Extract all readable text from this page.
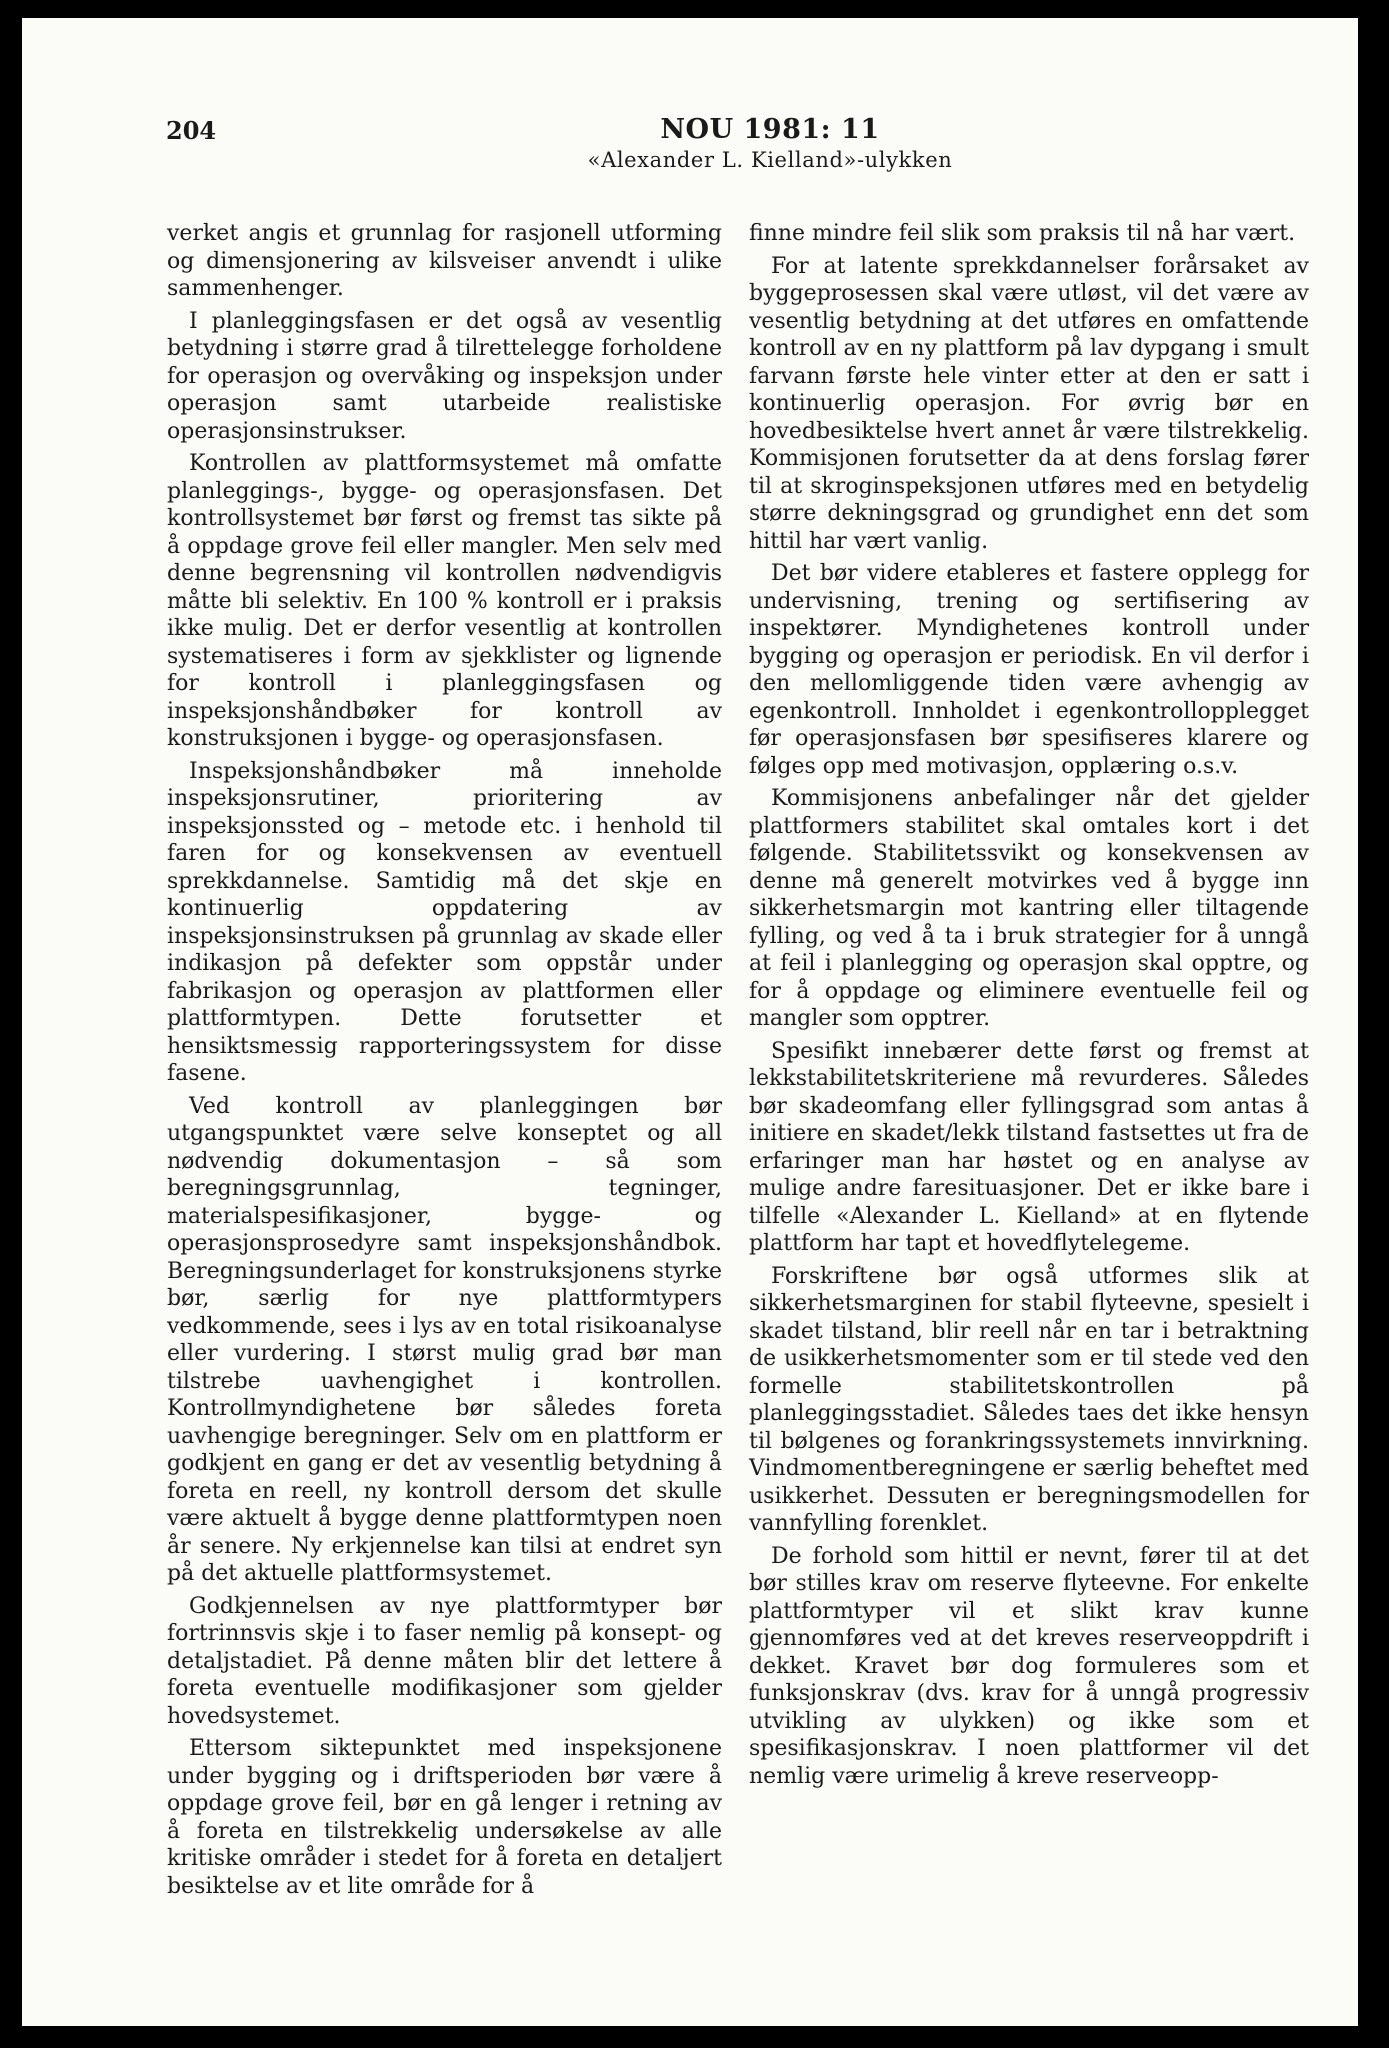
204	NOU 1981: 11
«Alexander L. Kielland»-ulykken

verket angis et grunnlag for rasjonell utforming og dimensjonering av kilsveiser anvendt i ulike sammenhenger.

I planleggingsfasen er det også av vesentlig betydning i større grad å tilrettelegge forholdene for operasjon og overvåking og inspeksjon under operasjon samt utarbeide realistiske operasjonsinstrukser.

Kontrollen av plattformsystemet må omfatte planleggings-, bygge- og operasjonsfasen. Det kontrollsystemet bør først og fremst tas sikte på å oppdage grove feil eller mangler. Men selv med denne begrensning vil kontrollen nødvendigvis måtte bli selektiv. En 100 % kontroll er i praksis ikke mulig. Det er derfor vesentlig at kontrollen systematiseres i form av sjekklister og lignende for kontroll i planleggingsfasen og inspeksjonshåndbøker for kontroll av konstruksjonen i bygge- og operasjonsfasen.

Inspeksjonshåndbøker må inneholde inspeksjonsrutiner, prioritering av inspeksjonssted og – metode etc. i henhold til faren for og konsekvensen av eventuell sprekkdannelse. Samtidig må det skje en kontinuerlig oppdatering av inspeksjonsinstruksen på grunnlag av skade eller indikasjon på defekter som oppstår under fabrikasjon og operasjon av plattformen eller plattformtypen. Dette forutsetter et hensiktsmessig rapporteringssystem for disse fasene.

Ved kontroll av planleggingen bør utgangspunktet være selve konseptet og all nødvendig dokumentasjon – så som beregningsgrunnlag, tegninger, materialspesifikasjoner, bygge- og operasjonsprosedyre samt inspeksjonshåndbok. Beregningsunderlaget for konstruksjonens styrke bør, særlig for nye plattformtypers vedkommende, sees i lys av en total risikoanalyse eller vurdering. I størst mulig grad bør man tilstrebe uavhengighet i kontrollen. Kontrollmyndighetene bør således foreta uavhengige beregninger. Selv om en plattform er godkjent en gang er det av vesentlig betydning å foreta en reell, ny kontroll dersom det skulle være aktuelt å bygge denne plattformtypen noen år senere. Ny erkjennelse kan tilsi at endret syn på det aktuelle plattformsystemet.

Godkjennelsen av nye plattformtyper bør fortrinnsvis skje i to faser nemlig på konsept- og detaljstadiet. På denne måten blir det lettere å foreta eventuelle modifikasjoner som gjelder hovedsystemet.

Ettersom siktepunktet med inspeksjonene under bygging og i driftsperioden bør være å oppdage grove feil, bør en gå lenger i retning av å foreta en tilstrekkelig undersøkelse av alle kritiske områder i stedet for å foreta en detaljert besiktelse av et lite område for å

finne mindre feil slik som praksis til nå har vært.

For at latente sprekkdannelser forårsaket av byggeprosessen skal være utløst, vil det være av vesentlig betydning at det utføres en omfattende kontroll av en ny plattform på lav dypgang i smult farvann første hele vinter etter at den er satt i kontinuerlig operasjon. For øvrig bør en hovedbesiktelse hvert annet år være tilstrekkelig. Kommisjonen forutsetter da at dens forslag fører til at skroginspeksjonen utføres med en betydelig større dekningsgrad og grundighet enn det som hittil har vært vanlig.

Det bør videre etableres et fastere opplegg for undervisning, trening og sertifisering av inspektører. Myndighetenes kontroll under bygging og operasjon er periodisk. En vil derfor i den mellomliggende tiden være avhengig av egenkontroll. Innholdet i egenkontrollopplegget før operasjonsfasen bør spesifiseres klarere og følges opp med motivasjon, opplæring o.s.v.

Kommisjonens anbefalinger når det gjelder plattformers stabilitet skal omtales kort i det følgende. Stabilitetssvikt og konsekvensen av denne må generelt motvirkes ved å bygge inn sikkerhetsmargin mot kantring eller tiltagende fylling, og ved å ta i bruk strategier for å unngå at feil i planlegging og operasjon skal opptre, og for å oppdage og eliminere eventuelle feil og mangler som opptrer.

Spesifikt innebærer dette først og fremst at lekkstabilitetskriteriene må revurderes. Således bør skadeomfang eller fyllingsgrad som antas å initiere en skadet/lekk tilstand fastsettes ut fra de erfaringer man har høstet og en analyse av mulige andre faresituasjoner. Det er ikke bare i tilfelle «Alexander L. Kielland» at en flytende plattform har tapt et hovedflytelegeme.

Forskriftene bør også utformes slik at sikkerhetsmarginen for stabil flyteevne, spesielt i skadet tilstand, blir reell når en tar i betraktning de usikkerhetsmomenter som er til stede ved den formelle stabilitetskontrollen på planleggingsstadiet. Således taes det ikke hensyn til bølgenes og forankringssystemets innvirkning. Vindmomentberegningene er særlig beheftet med usikkerhet. Dessuten er beregningsmodellen for vannfylling forenklet.

De forhold som hittil er nevnt, fører til at det bør stilles krav om reserve flyteevne. For enkelte plattformtyper vil et slikt krav kunne gjennomføres ved at det kreves reserveoppdrift i dekket. Kravet bør dog formuleres som et funksjonskrav (dvs. krav for å unngå progressiv utvikling av ulykken) og ikke som et spesifikasjonskrav. I noen plattformer vil det nemlig være urimelig å kreve reserveopp-
